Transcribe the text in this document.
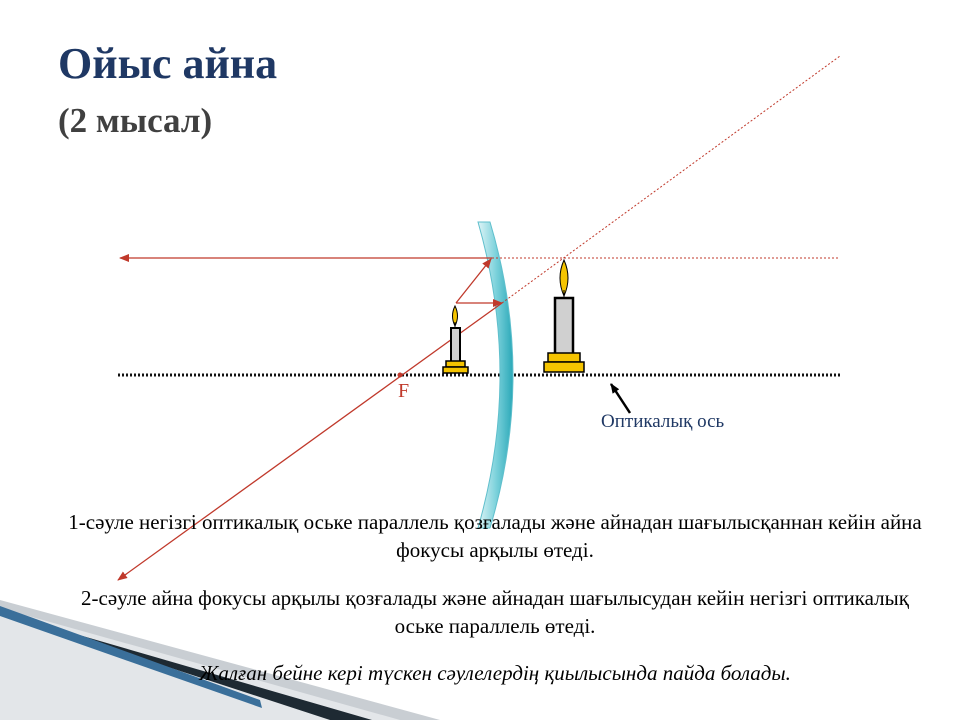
Ойыс айна
(2 мысал)
F
Оптикалық ось

1-сәуле негізгі оптикалық оське параллель қозғалады және айнадан шағылысқаннан кейін айна фокусы арқылы өтеді.

2-сәуле айна фокусы арқылы қозғалады және айнадан шағылысудан кейін негізгі оптикалық оське параллель өтеді.

Жалған бейне кері түскен сәулелердің қиылысында пайда болады.
